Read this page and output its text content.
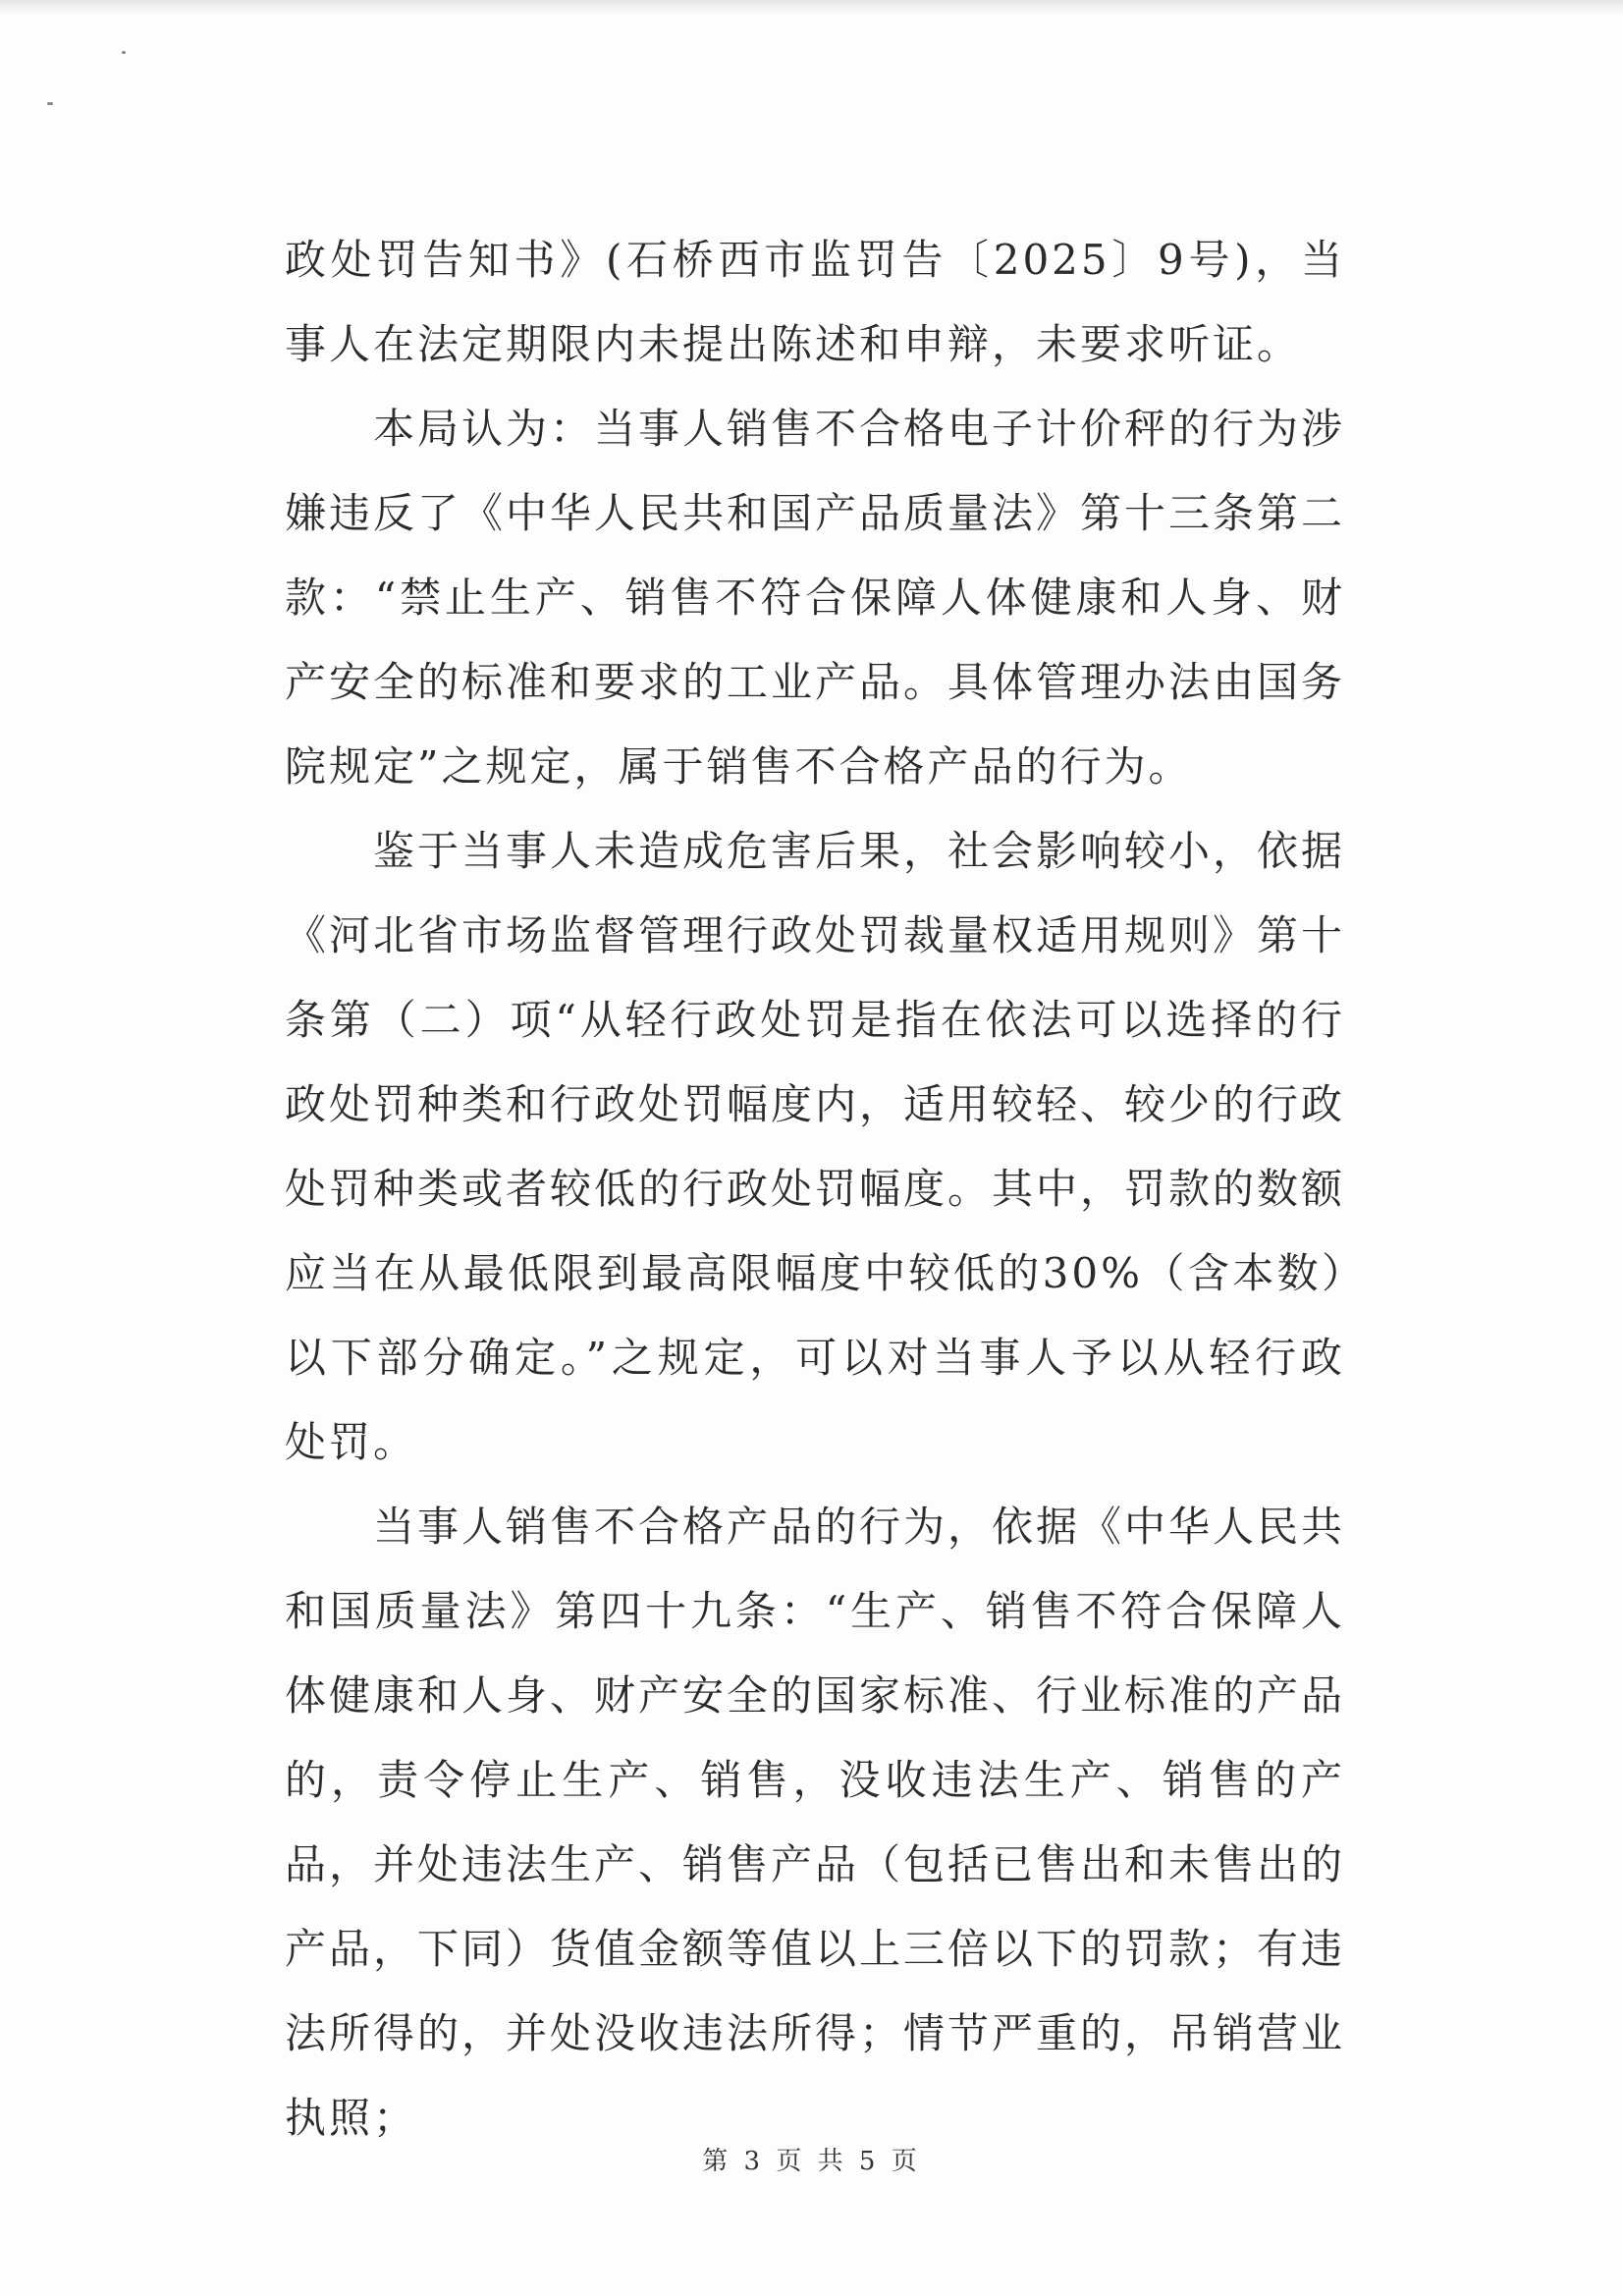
政处罚告知书》(石桥西市监罚告〔2025〕9号)，当事人在法定期限内未提出陈述和申辩，未要求听证。

本局认为：当事人销售不合格电子计价秤的行为涉嫌违反了《中华人民共和国产品质量法》第十三条第二款：“禁止生产、销售不符合保障人体健康和人身、财产安全的标准和要求的工业产品。具体管理办法由国务院规定”之规定，属于销售不合格产品的行为。

鉴于当事人未造成危害后果，社会影响较小，依据《河北省市场监督管理行政处罚裁量权适用规则》第十条第（二）项“从轻行政处罚是指在依法可以选择的行政处罚种类和行政处罚幅度内，适用较轻、较少的行政处罚种类或者较低的行政处罚幅度。其中，罚款的数额应当在从最低限到最高限幅度中较低的30%（含本数）以下部分确定。”之规定，可以对当事人予以从轻行政处罚。

当事人销售不合格产品的行为，依据《中华人民共和国质量法》第四十九条：“生产、销售不符合保障人体健康和人身、财产安全的国家标准、行业标准的产品的，责令停止生产、销售，没收违法生产、销售的产品，并处违法生产、销售产品（包括已售出和未售出的产品，下同）货值金额等值以上三倍以下的罚款；有违法所得的，并处没收违法所得；情节严重的，吊销营业执照；

第 3 页 共 5 页
